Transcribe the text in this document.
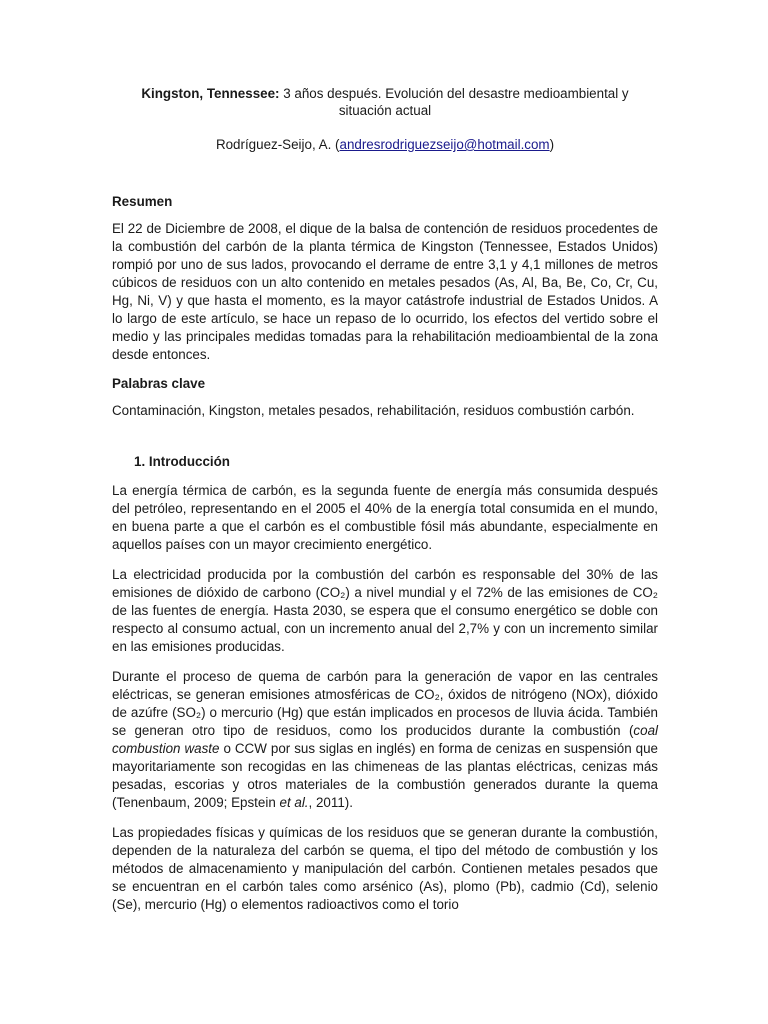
Kingston, Tennessee: 3 años después. Evolución del desastre medioambiental y
situación actual
Rodríguez-Seijo, A. (andresrodriguezseijo@hotmail.com)
Resumen

El 22 de Diciembre de 2008, el dique de la balsa de contención de residuos procedentes de la combustión del carbón de la planta térmica de Kingston (Tennessee, Estados Unidos) rompió por uno de sus lados, provocando el derrame de entre 3,1 y 4,1 millones de metros cúbicos de residuos con un alto contenido en metales pesados (As, Al, Ba, Be, Co, Cr, Cu, Hg, Ni, V) y que hasta el momento, es la mayor catástrofe industrial de Estados Unidos. A lo largo de este artículo, se hace un repaso de lo ocurrido, los efectos del vertido sobre el medio y las principales medidas tomadas para la rehabilitación medioambiental de la zona desde entonces.

Palabras clave

Contaminación, Kingston, metales pesados, rehabilitación, residuos combustión carbón.

1. Introducción

La energía térmica de carbón, es la segunda fuente de energía más consumida después del petróleo, representando en el 2005 el 40% de la energía total consumida en el mundo, en buena parte a que el carbón es el combustible fósil más abundante, especialmente en aquellos países con un mayor crecimiento energético.

La electricidad producida por la combustión del carbón es responsable del 30% de las emisiones de dióxido de carbono (CO₂) a nivel mundial y el 72% de las emisiones de CO₂ de las fuentes de energía. Hasta 2030, se espera que el consumo energético se doble con respecto al consumo actual, con un incremento anual del 2,7% y con un incremento similar en las emisiones producidas.

Durante el proceso de quema de carbón para la generación de vapor en las centrales eléctricas, se generan emisiones atmosféricas de CO₂, óxidos de nitrógeno (NOx), dióxido de azúfre (SO₂) o mercurio (Hg) que están implicados en procesos de lluvia ácida. También se generan otro tipo de residuos, como los producidos durante la combustión (coal combustion waste o CCW por sus siglas en inglés) en forma de cenizas en suspensión que mayoritariamente son recogidas en las chimeneas de las plantas eléctricas, cenizas más pesadas, escorias y otros materiales de la combustión generados durante la quema (Tenenbaum, 2009; Epstein et al., 2011).

Las propiedades físicas y químicas de los residuos que se generan durante la combustión, dependen de la naturaleza del carbón se quema, el tipo del método de combustión y los métodos de almacenamiento y manipulación del carbón. Contienen metales pesados que se encuentran en el carbón tales como arsénico (As), plomo (Pb), cadmio (Cd), selenio (Se), mercurio (Hg) o elementos radioactivos como el torio
